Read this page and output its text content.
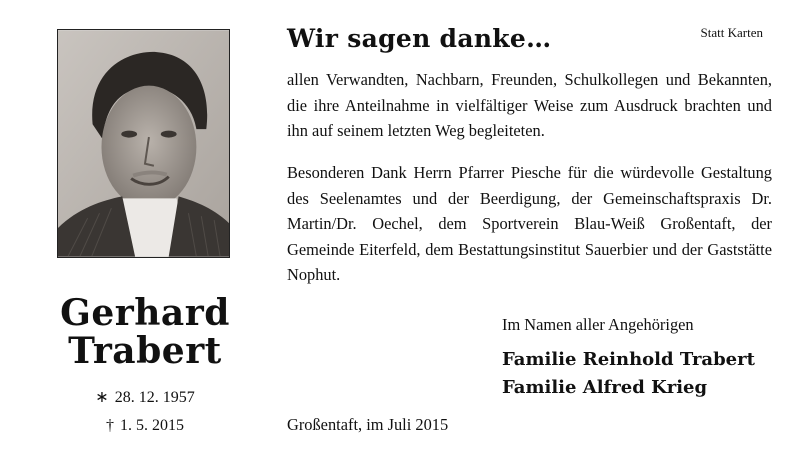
Gerhard
Trabert
∗ 28. 12. 1957
† 1. 5. 2015
Wir sagen danke…	Statt Karten

allen Verwandten, Nachbarn, Freunden, Schulkollegen und Bekannten, die ihre Anteilnahme in vielfältiger Weise zum Ausdruck brachten und ihn auf seinem letzten Weg begleiteten.

Besonderen Dank Herrn Pfarrer Piesche für die würdevolle Gestaltung des Seelenamtes und der Beerdigung, der Gemeinschaftspraxis Dr. Martin/Dr. Oechel, dem Sportverein Blau-Weiß Großentaft, der Gemeinde Eiterfeld, dem Bestattungsinstitut Sauerbier und der Gaststätte Nophut.

Im Namen aller Angehörigen
Familie Reinhold Trabert
Familie Alfred Krieg
Großentaft, im Juli 2015
